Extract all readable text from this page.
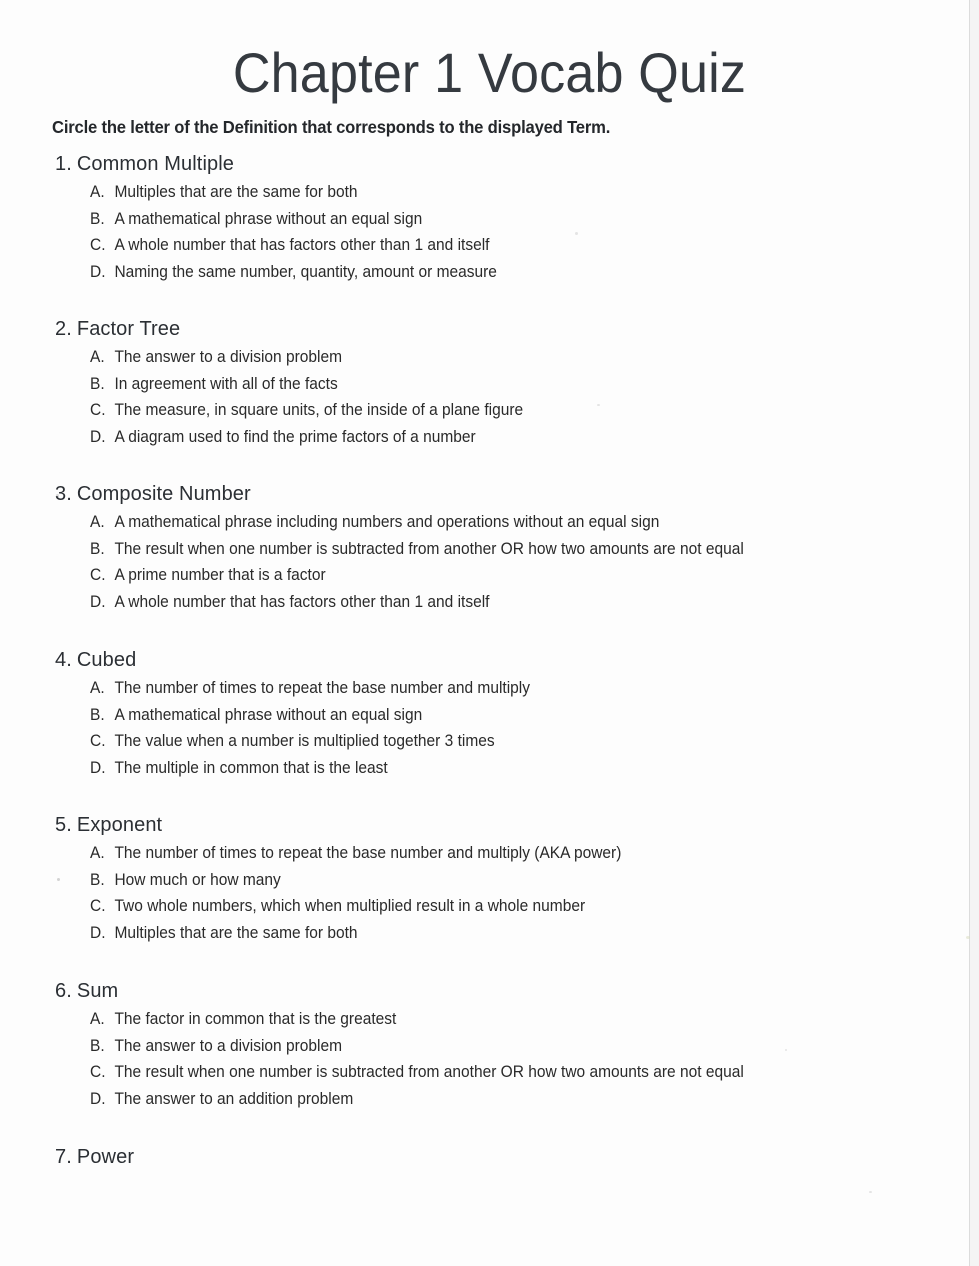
Chapter 1 Vocab Quiz
Circle the letter of the Definition that corresponds to the displayed Term.
1. Common Multiple
A. Multiples that are the same for both
B. A mathematical phrase without an equal sign
C. A whole number that has factors other than 1 and itself
D. Naming the same number, quantity, amount or measure
2. Factor Tree
A. The answer to a division problem
B. In agreement with all of the facts
C. The measure, in square units, of the inside of a plane figure
D. A diagram used to find the prime factors of a number
3. Composite Number
A. A mathematical phrase including numbers and operations without an equal sign
B. The result when one number is subtracted from another OR how two amounts are not equal
C. A prime number that is a factor
D. A whole number that has factors other than 1 and itself
4. Cubed
A. The number of times to repeat the base number and multiply
B. A mathematical phrase without an equal sign
C. The value when a number is multiplied together 3 times
D. The multiple in common that is the least
5. Exponent
A. The number of times to repeat the base number and multiply (AKA power)
B. How much or how many
C. Two whole numbers, which when multiplied result in a whole number
D. Multiples that are the same for both
6. Sum
A. The factor in common that is the greatest
B. The answer to a division problem
C. The result when one number is subtracted from another OR how two amounts are not equal
D. The answer to an addition problem
7. Power
